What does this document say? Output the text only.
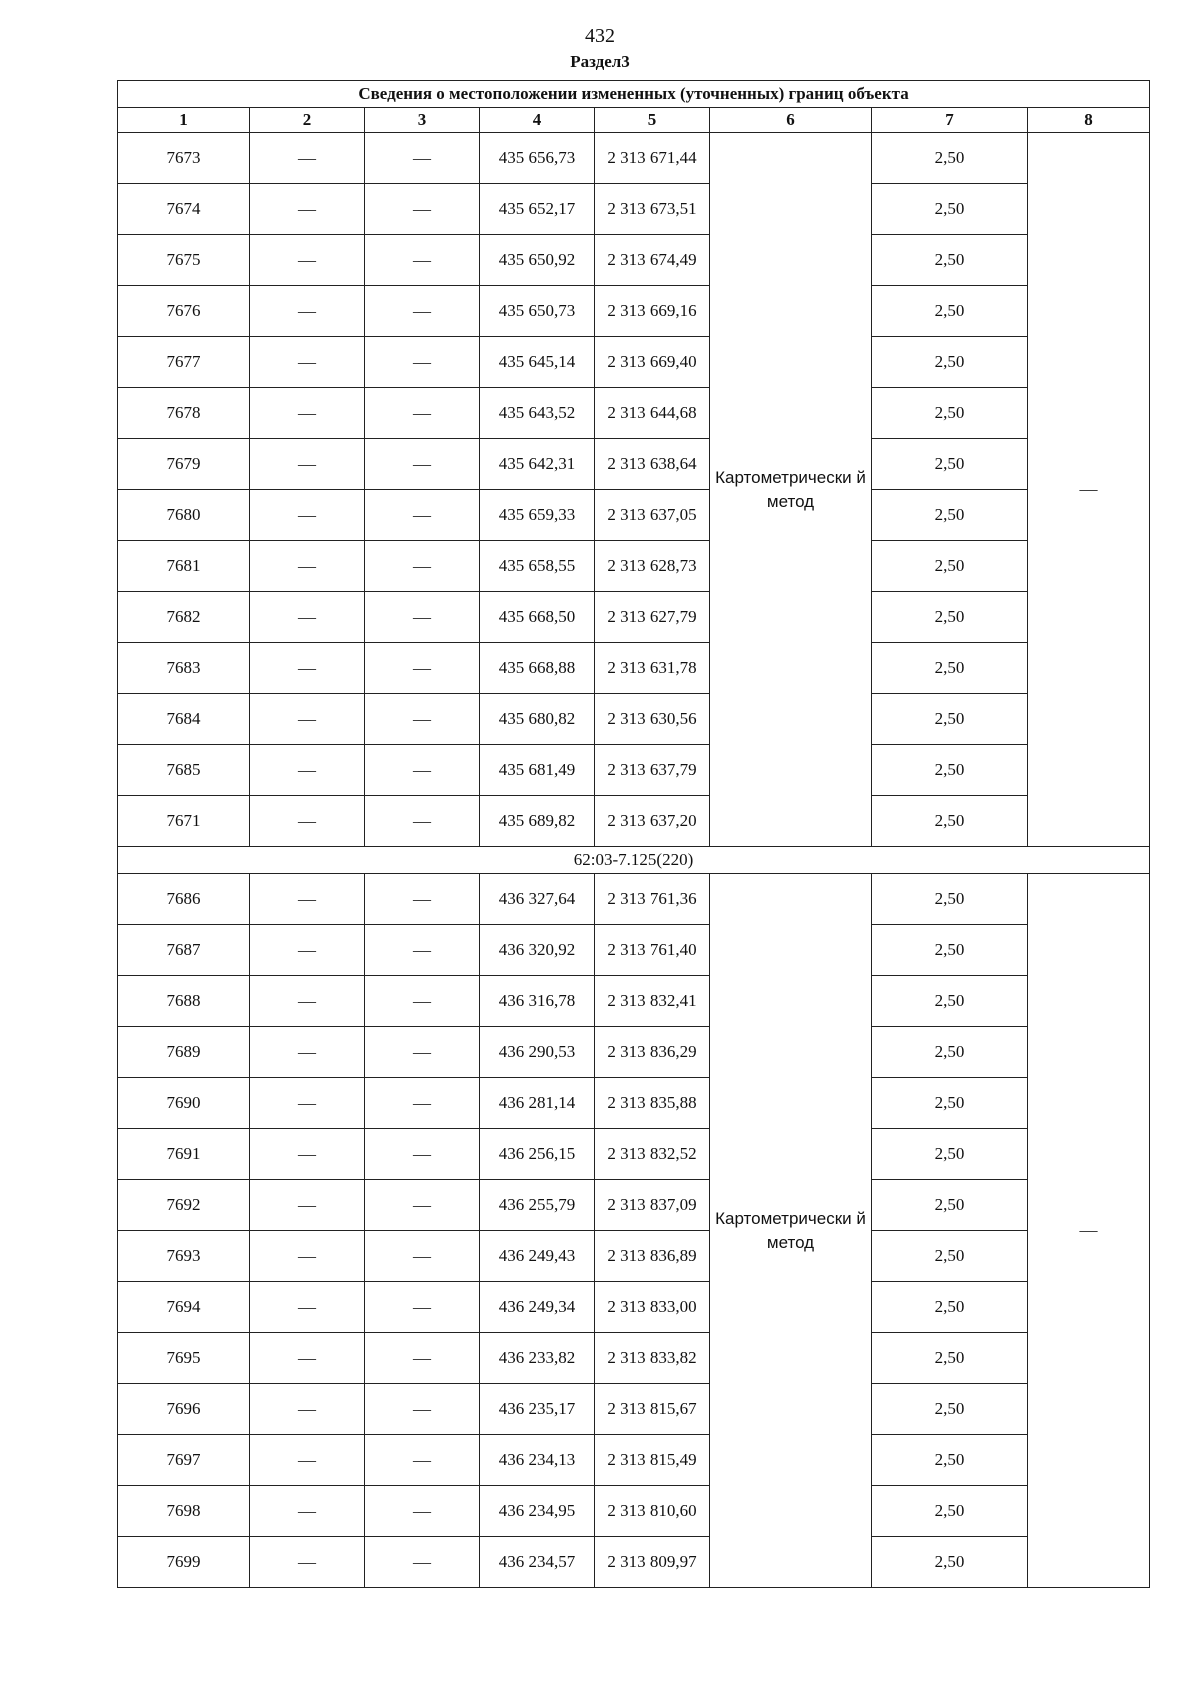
432
Раздел3
Сведения о местоположении измененных (уточненных) границ объекта							
1	2	3	4	5	6	7	8
7673	—	—	435 656,73	2 313 671,44	Картометрически й метод	2,50	—
7674	—	—	435 652,17	2 313 673,51		2,50	
7675	—	—	435 650,92	2 313 674,49		2,50	
7676	—	—	435 650,73	2 313 669,16		2,50	
7677	—	—	435 645,14	2 313 669,40		2,50	
7678	—	—	435 643,52	2 313 644,68		2,50	
7679	—	—	435 642,31	2 313 638,64		2,50	
7680	—	—	435 659,33	2 313 637,05		2,50	
7681	—	—	435 658,55	2 313 628,73		2,50	
7682	—	—	435 668,50	2 313 627,79		2,50	
7683	—	—	435 668,88	2 313 631,78		2,50	
7684	—	—	435 680,82	2 313 630,56		2,50	
7685	—	—	435 681,49	2 313 637,79		2,50	
7671	—	—	435 689,82	2 313 637,20		2,50	
62:03-7.125(220)							
7686	—	—	436 327,64	2 313 761,36	Картометрически й метод	2,50	—
7687	—	—	436 320,92	2 313 761,40		2,50	
7688	—	—	436 316,78	2 313 832,41		2,50	
7689	—	—	436 290,53	2 313 836,29		2,50	
7690	—	—	436 281,14	2 313 835,88		2,50	
7691	—	—	436 256,15	2 313 832,52		2,50	
7692	—	—	436 255,79	2 313 837,09		2,50	
7693	—	—	436 249,43	2 313 836,89		2,50	
7694	—	—	436 249,34	2 313 833,00		2,50	
7695	—	—	436 233,82	2 313 833,82		2,50	
7696	—	—	436 235,17	2 313 815,67		2,50	
7697	—	—	436 234,13	2 313 815,49		2,50	
7698	—	—	436 234,95	2 313 810,60		2,50	
7699	—	—	436 234,57	2 313 809,97		2,50	
